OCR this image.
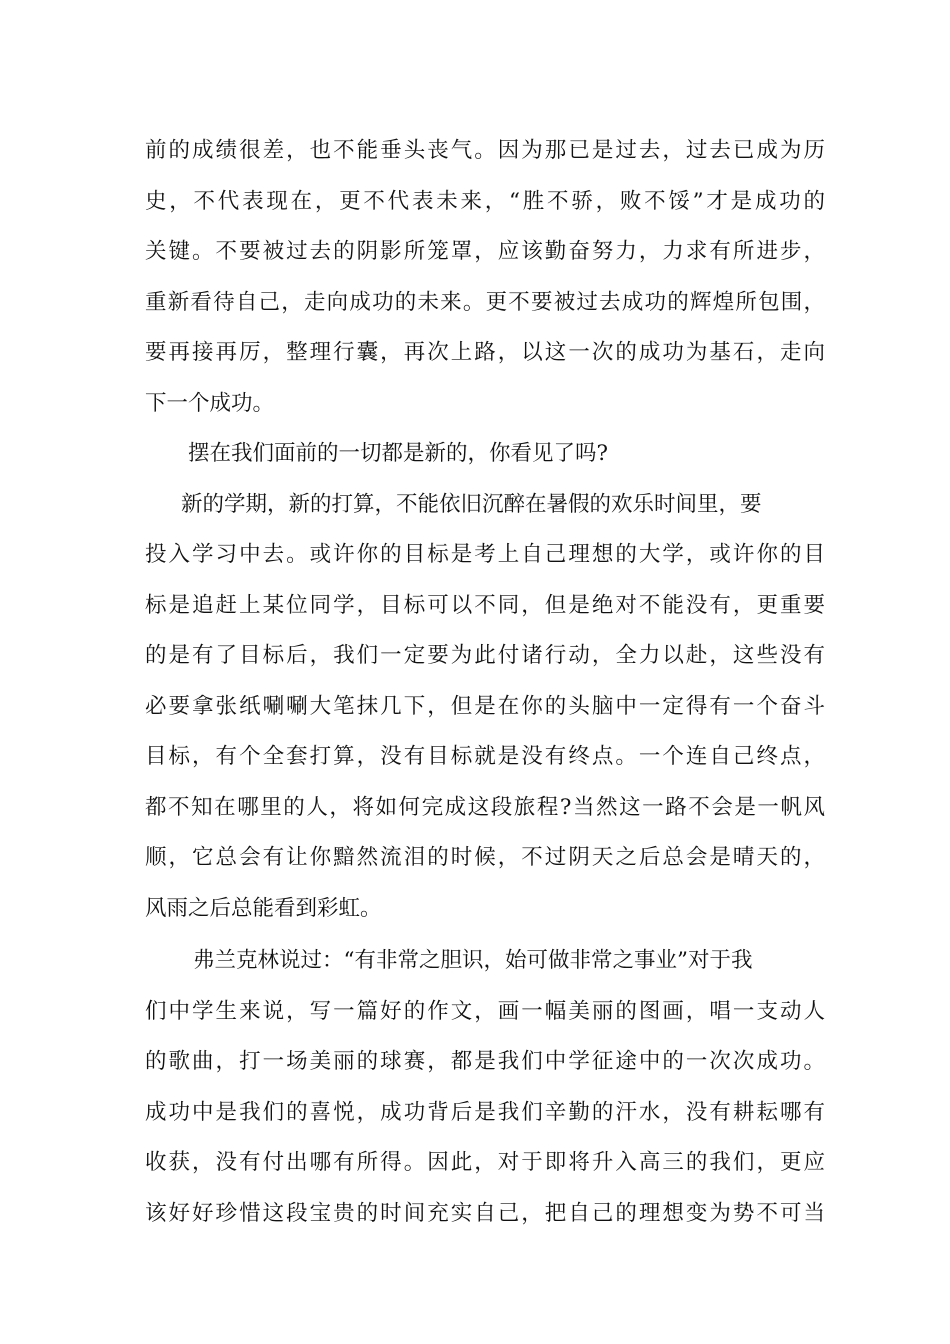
前的成绩很差，也不能垂头丧气。因为那已是过去，过去已成为历
史，不代表现在，更不代表未来，“胜不骄，败不馁”才是成功的
关键。不要被过去的阴影所笼罩，应该勤奋努力，力求有所进步，
重新看待自己，走向成功的未来。更不要被过去成功的辉煌所包围，
要再接再厉，整理行囊，再次上路，以这一次的成功为基石，走向
下一个成功。
摆在我们面前的一切都是新的，你看见了吗?
新的学期，新的打算，不能依旧沉醉在暑假的欢乐时间里，要
投入学习中去。或许你的目标是考上自己理想的大学，或许你的目
标是追赶上某位同学，目标可以不同，但是绝对不能没有，更重要
的是有了目标后，我们一定要为此付诸行动，全力以赴，这些没有
必要拿张纸唰唰大笔抹几下，但是在你的头脑中一定得有一个奋斗
目标，有个全套打算，没有目标就是没有终点。一个连自己终点，
都不知在哪里的人，将如何完成这段旅程?当然这一路不会是一帆风
顺，它总会有让你黯然流泪的时候，不过阴天之后总会是晴天的，
风雨之后总能看到彩虹。
弗兰克林说过：“有非常之胆识，始可做非常之事业”对于我
们中学生来说，写一篇好的作文，画一幅美丽的图画，唱一支动人
的歌曲，打一场美丽的球赛，都是我们中学征途中的一次次成功。
成功中是我们的喜悦，成功背后是我们辛勤的汗水，没有耕耘哪有
收获，没有付出哪有所得。因此，对于即将升入高三的我们，更应
该好好珍惜这段宝贵的时间充实自己，把自己的理想变为势不可当
